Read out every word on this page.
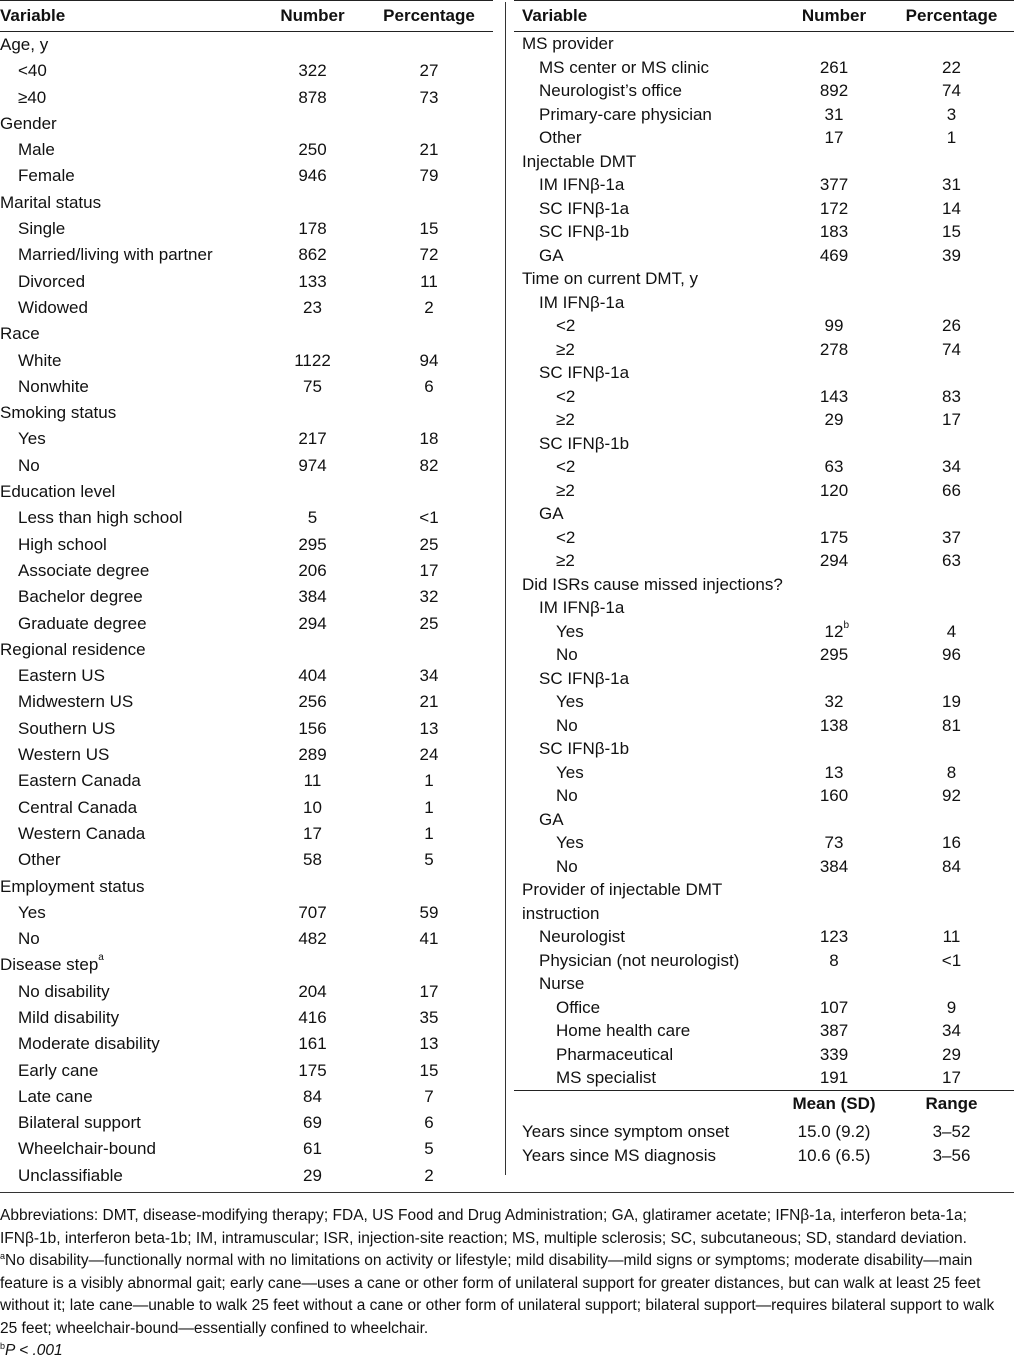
Variable	Number	Percentage
Age, y
<40	322	27
≥40	878	73
Gender
Male	250	21
Female	946	79
Marital status
Single	178	15
Married/living with partner	862	72
Divorced	133	11
Widowed	23	2
Race
White	1122	94
Nonwhite	75	6
Smoking status
Yes	217	18
No	974	82
Education level
Less than high school	5	<1
High school	295	25
Associate degree	206	17
Bachelor degree	384	32
Graduate degree	294	25
Regional residence
Eastern US	404	34
Midwestern US	256	21
Southern US	156	13
Western US	289	24
Eastern Canada	11	1
Central Canada	10	1
Western Canada	17	1
Other	58	5
Employment status
Yes	707	59
No	482	41
Disease step a
No disability	204	17
Mild disability	416	35
Moderate disability	161	13
Early cane	175	15
Late cane	84	7
Bilateral support	69	6
Wheelchair-bound	61	5
Unclassifiable	29	2
Variable	Number	Percentage
MS provider
MS center or MS clinic	261	22
Neurologist’s office	892	74
Primary-care physician	31	3
Other	17	1
Injectable DMT
IM IFNβ-1a	377	31
SC IFNβ-1a	172	14
SC IFNβ-1b	183	15
GA	469	39
Time on current DMT, y
IM IFNβ-1a
<2	99	26
≥2	278	74
SC IFNβ-1a
<2	143	83
≥2	29	17
SC IFNβ-1b
<2	63	34
≥2	120	66
GA
<2	175	37
≥2	294	63
Did ISRs cause missed injections?
IM IFNβ-1a
Yes	12 b	4
No	295	96
SC IFNβ-1a
Yes	32	19
No	138	81
SC IFNβ-1b
Yes	13	8
No	160	92
GA
Yes	73	16
No	384	84
Provider of injectable DMT
instruction
Neurologist	123	11
Physician (not neurologist)	8	<1
Nurse
Office	107	9
Home health care	387	34
Pharmaceutical	339	29
MS specialist	191	17
Mean (SD)	Range
Years since symptom onset	15.0 (9.2)	3–52
Years since MS diagnosis	10.6 (6.5)	3–56

Abbreviations: DMT, disease-modifying therapy; FDA, US Food and Drug Administration; GA, glatiramer acetate; IFNβ-1a, interferon beta-1a; IFNβ-1b, interferon beta-1b; IM, intramuscular; ISR, injection-site reaction; MS, multiple sclerosis; SC, subcutaneous; SD, standard deviation.

$^a$No disability—functionally normal with no limitations on activity or lifestyle; mild disability—mild signs or symptoms; moderate disability—main feature is a visibly abnormal gait; early cane—uses a cane or other form of unilateral support for greater distances, but can walk at least 25 feet without it; late cane—unable to walk 25 feet without a cane or other form of unilateral support; bilateral support—requires bilateral support to walk 25 feet; wheelchair-bound—essentially confined to wheelchair.

$^b$P < .001
